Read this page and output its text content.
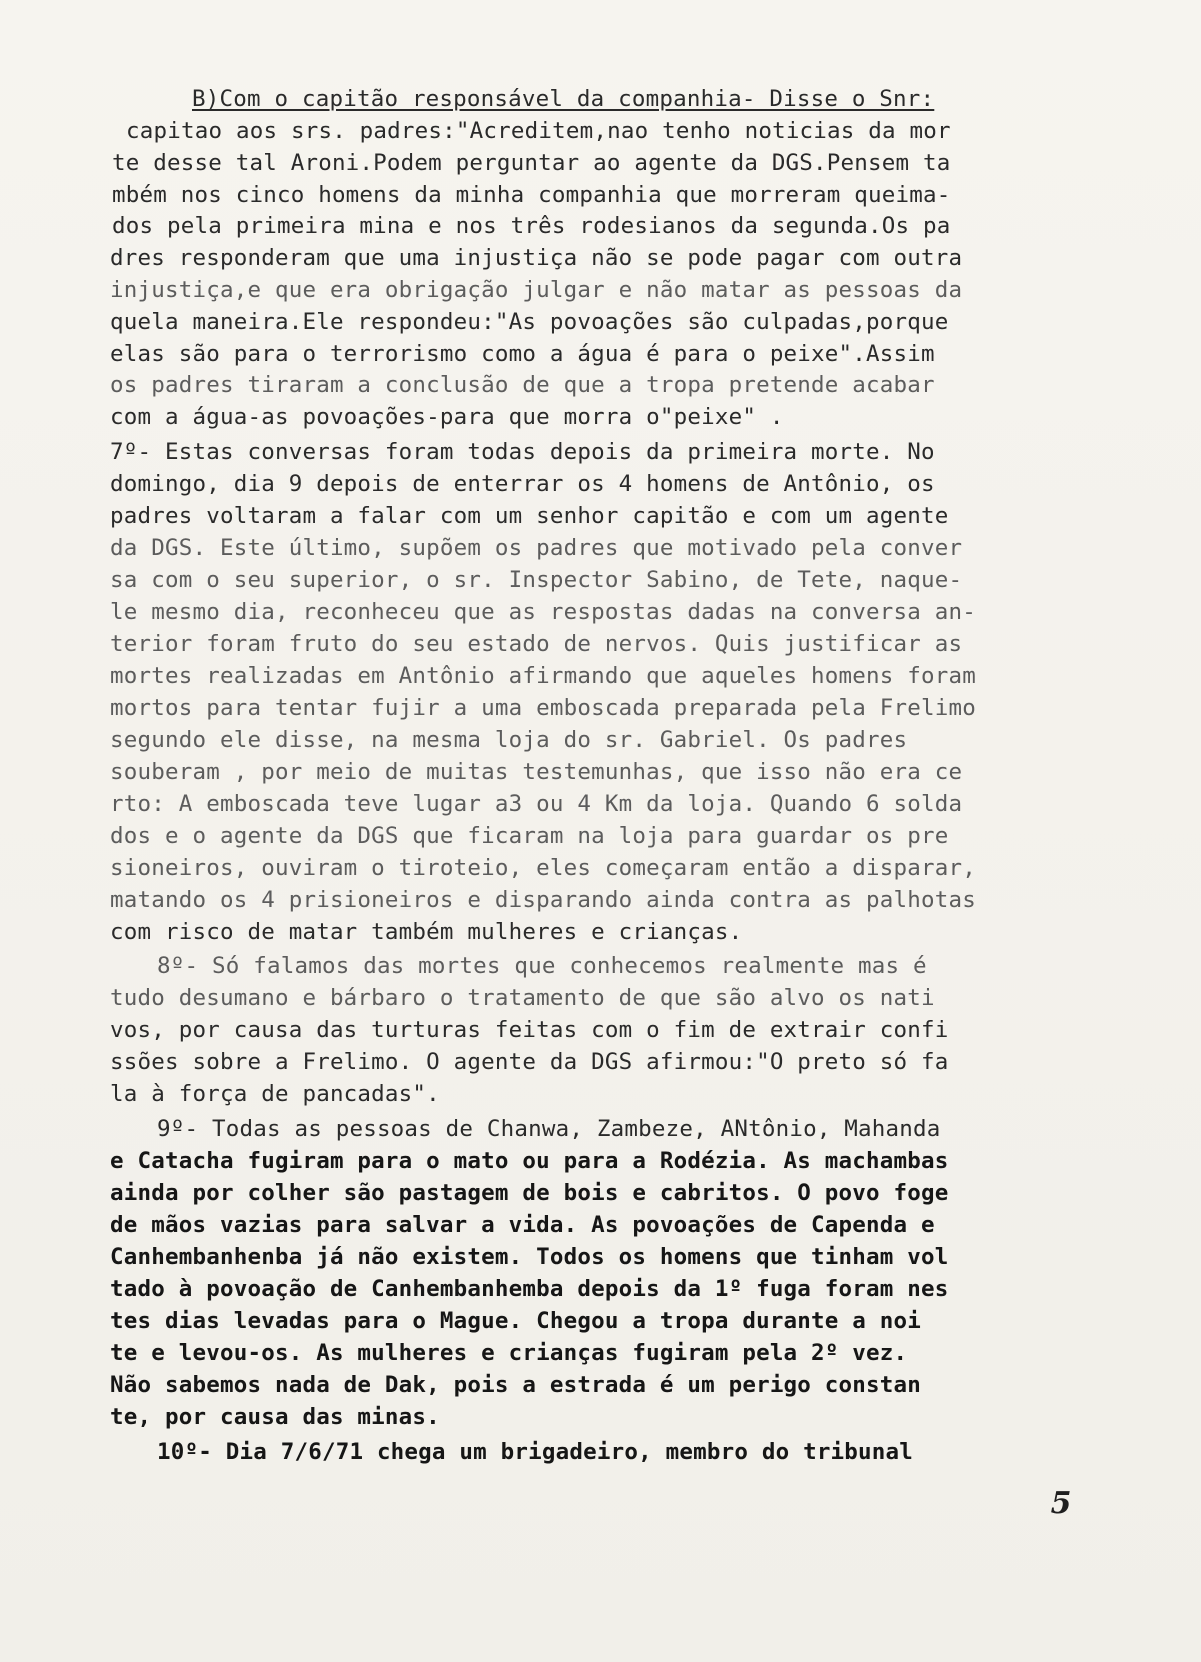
B)Com o capitão responsável da companhia- Disse o Snr:
capitao aos srs. padres:"Acreditem,nao tenho noticias da mor
te desse tal Aroni.Podem perguntar ao agente da DGS.Pensem ta
mbém nos cinco homens da minha companhia que morreram queima-
dos pela primeira mina e nos três rodesianos da segunda.Os pa
dres responderam que uma injustiça não se pode pagar com outra
injustiça,e que era obrigação julgar e não matar as pessoas da
quela maneira.Ele respondeu:"As povoações são culpadas,porque
elas são para o terrorismo como a água é para o peixe".Assim
os padres tiraram a conclusão de que a tropa pretende acabar
com a água-as povoações-para que morra o"peixe" .
7º- Estas conversas foram todas depois da primeira morte. No
domingo, dia 9 depois de enterrar os 4 homens de Antônio, os
padres voltaram a falar com um senhor capitão e com um agente
da DGS. Este último, supõem os padres que motivado pela conver
sa com o seu superior, o sr. Inspector Sabino, de Tete, naque-
le mesmo dia, reconheceu que as respostas dadas na conversa an-
terior foram fruto do seu estado de nervos. Quis justificar as
mortes realizadas em Antônio afirmando que aqueles homens foram
mortos para tentar fujir a uma emboscada preparada pela Frelimo
segundo ele disse, na mesma loja do sr. Gabriel. Os padres
souberam , por meio de muitas testemunhas, que isso não era ce
rto: A emboscada teve lugar a3 ou 4 Km da loja. Quando 6 solda
dos e o agente da DGS que ficaram na loja para guardar os pre
sioneiros, ouviram o tiroteio, eles começaram então a disparar,
matando os 4 prisioneiros e disparando ainda contra as palhotas
com risco de matar também mulheres e crianças.
8º- Só falamos das mortes que conhecemos realmente mas é
tudo desumano e bárbaro o tratamento de que são alvo os nati
vos, por causa das turturas feitas com o fim de extrair confi
ssões sobre a Frelimo. O agente da DGS afirmou:"O preto só fa
la à força de pancadas".
9º- Todas as pessoas de Chanwa, Zambeze, ANtônio, Mahanda
e Catacha fugiram para o mato ou para a Rodézia. As machambas
ainda por colher são pastagem de bois e cabritos. O povo foge
de mãos vazias para salvar a vida. As povoações de Capenda e
Canhembanhenba já não existem. Todos os homens que tinham vol
tado à povoação de Canhembanhemba depois da 1º fuga foram nes
tes dias levadas para o Mague. Chegou a tropa durante a noi
te e levou-os. As mulheres e crianças fugiram pela 2º vez.
Não sabemos nada de Dak, pois a estrada é um perigo constan
te, por causa das minas.
10º- Dia 7/6/71 chega um brigadeiro, membro do tribunal
5
